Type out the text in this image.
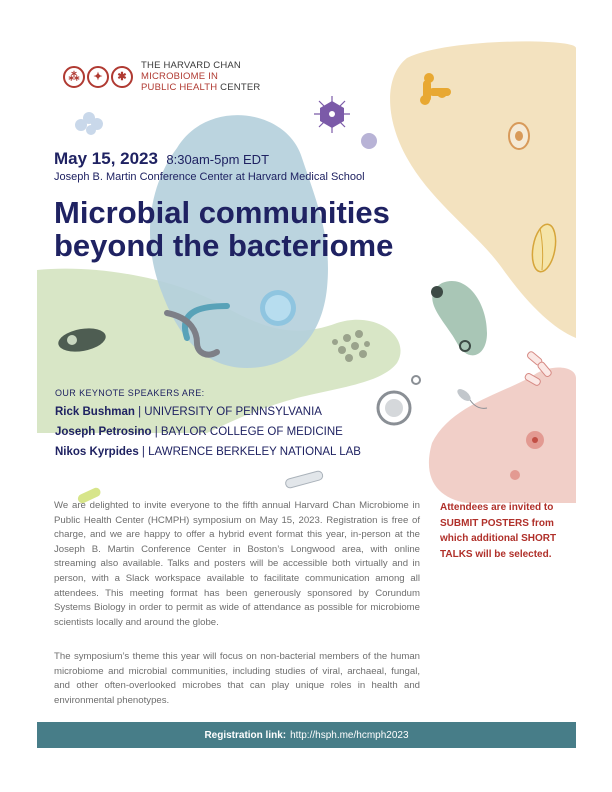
⁂	✦	✱
THE HARVARD CHAN
MICROBIOME IN
PUBLIC HEALTH CENTER
May 15, 2023 8:30am-5pm EDT
Joseph B. Martin Conference Center at Harvard Medical School
Microbial communities
beyond the bacteriome
OUR KEYNOTE SPEAKERS ARE:
Rick Bushman | UNIVERSITY OF PENNSYLVANIA
Joseph Petrosino | BAYLOR COLLEGE OF MEDICINE
Nikos Kyrpides | LAWRENCE BERKELEY NATIONAL LAB

We are delighted to invite everyone to the fifth annual Harvard Chan Microbiome in Public Health Center (HCMPH) symposium on May 15, 2023. Registration is free of charge, and we are happy to offer a hybrid event format this year, in-person at the Joseph B. Martin Conference Center in Boston’s Longwood area, with online streaming also available. Talks and posters will be accessible both virtually and in person, with a Slack workspace available to facilitate communication among all attendees. This meeting format has been generously sponsored by Corundum Systems Biology in order to permit as wide of attendance as possible for microbiome scientists locally and around the globe.

The symposium’s theme this year will focus on non-bacterial members of the human microbiome and microbial communities, including studies of viral, archaeal, fungal, and other often-overlooked microbes that can play unique roles in health and environmental phenotypes.

Attendees are invited to SUBMIT POSTERS from which additional SHORT TALKS will be selected.

Registration link: http://hsph.me/hcmph2023
